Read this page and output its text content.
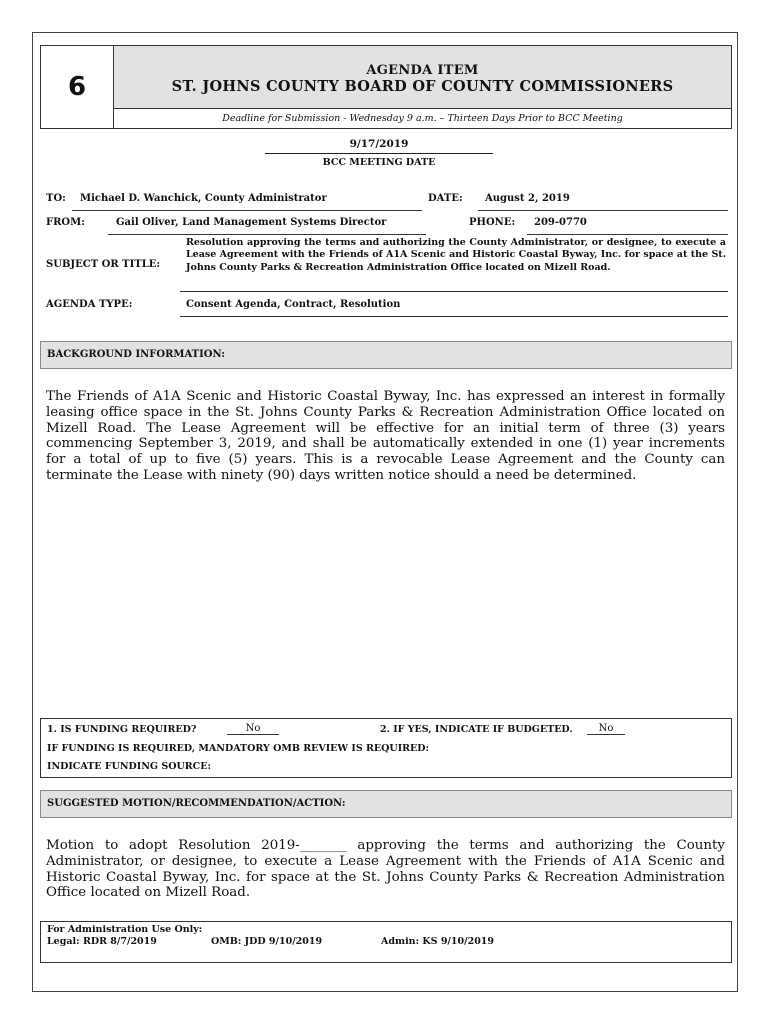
6
AGENDA ITEM
ST. JOHNS COUNTY BOARD OF COUNTY COMMISSIONERS
Deadline for Submission - Wednesday 9 a.m. – Thirteen Days Prior to BCC Meeting
9/17/2019
BCC MEETING DATE
TO: Michael D. Wanchick, County Administrator	DATE: August 2, 2019
FROM:	Gail Oliver, Land Management Systems Director	PHONE: 209-0770
SUBJECT OR TITLE:
Resolution approving the terms and authorizing the County Administrator, or designee, to execute a Lease Agreement with the Friends of A1A Scenic and Historic Coastal Byway, Inc. for space at the St. Johns County Parks & Recreation Administration Office located on Mizell Road.
AGENDA TYPE:	Consent Agenda, Contract, Resolution
BACKGROUND INFORMATION:
The Friends of A1A Scenic and Historic Coastal Byway, Inc. has expressed an interest in formally leasing office space in the St. Johns County Parks & Recreation Administration Office located on Mizell Road. The Lease Agreement will be effective for an initial term of three (3) years commencing September 3, 2019, and shall be automatically extended in one (1) year increments for a total of up to five (5) years. This is a revocable Lease Agreement and the County can terminate the Lease with ninety (90) days written notice should a need be determined.
1. IS FUNDING REQUIRED?	No	2. IF YES, INDICATE IF BUDGETED.	No
IF FUNDING IS REQUIRED, MANDATORY OMB REVIEW IS REQUIRED:
INDICATE FUNDING SOURCE:
SUGGESTED MOTION/RECOMMENDATION/ACTION:
Motion to adopt Resolution 2019-_______ approving the terms and authorizing the County Administrator, or designee, to execute a Lease Agreement with the Friends of A1A Scenic and Historic Coastal Byway, Inc. for space at the St. Johns County Parks & Recreation Administration Office located on Mizell Road.
For Administration Use Only:
Legal: RDR 8/7/2019	OMB: JDD 9/10/2019	Admin: KS 9/10/2019
